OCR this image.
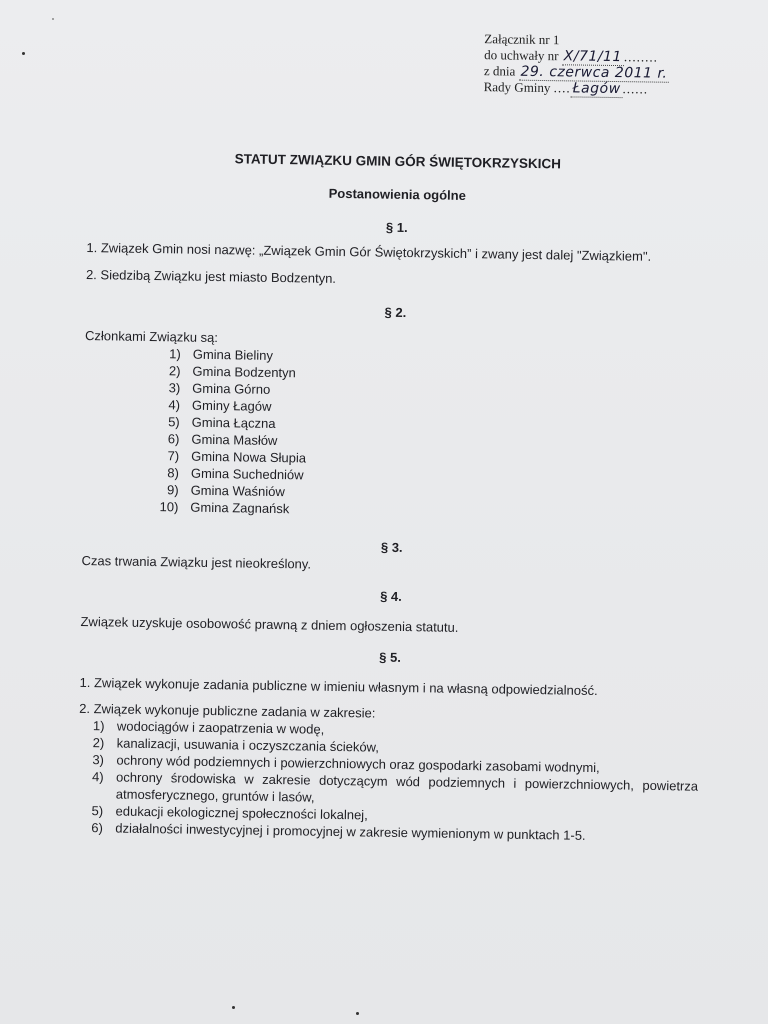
Załącznik nr 1
do uchwały nr X/71/11 ........
z dnia 29. czerwca 2011 r.
Rady Gminy .... Łagów ......
STATUT ZWIĄZKU GMIN GÓR ŚWIĘTOKRZYSKICH
Postanowienia ogólne
§ 1.
1. Związek Gmin nosi nazwę: „Związek Gmin Gór Świętokrzyskich” i zwany jest dalej "Związkiem".
2. Siedzibą Związku jest miasto Bodzentyn.
§ 2.
Członkami Związku są:
1) Gmina Bieliny
2) Gmina Bodzentyn
3) Gmina Górno
4) Gminy Łagów
5) Gmina Łączna
6) Gmina Masłów
7) Gmina Nowa Słupia
8) Gmina Suchedniów
9) Gmina Waśniów
10) Gmina Zagnańsk
§ 3.
Czas trwania Związku jest nieokreślony.
§ 4.
Związek uzyskuje osobowość prawną z dniem ogłoszenia statutu.
§ 5.
1. Związek wykonuje zadania publiczne w imieniu własnym i na własną odpowiedzialność.
2. Związek wykonuje publiczne zadania w zakresie:
1) wodociągów i zaopatrzenia w wodę,
2) kanalizacji, usuwania i oczyszczania ścieków,
3) ochrony wód podziemnych i powierzchniowych oraz gospodarki zasobami wodnymi,
4) ochrony środowiska w zakresie dotyczącym wód podziemnych i powierzchniowych, powietrza atmosferycznego, gruntów i lasów,
5) edukacji ekologicznej społeczności lokalnej,
6) działalności inwestycyjnej i promocyjnej w zakresie wymienionym w punktach 1-5.
